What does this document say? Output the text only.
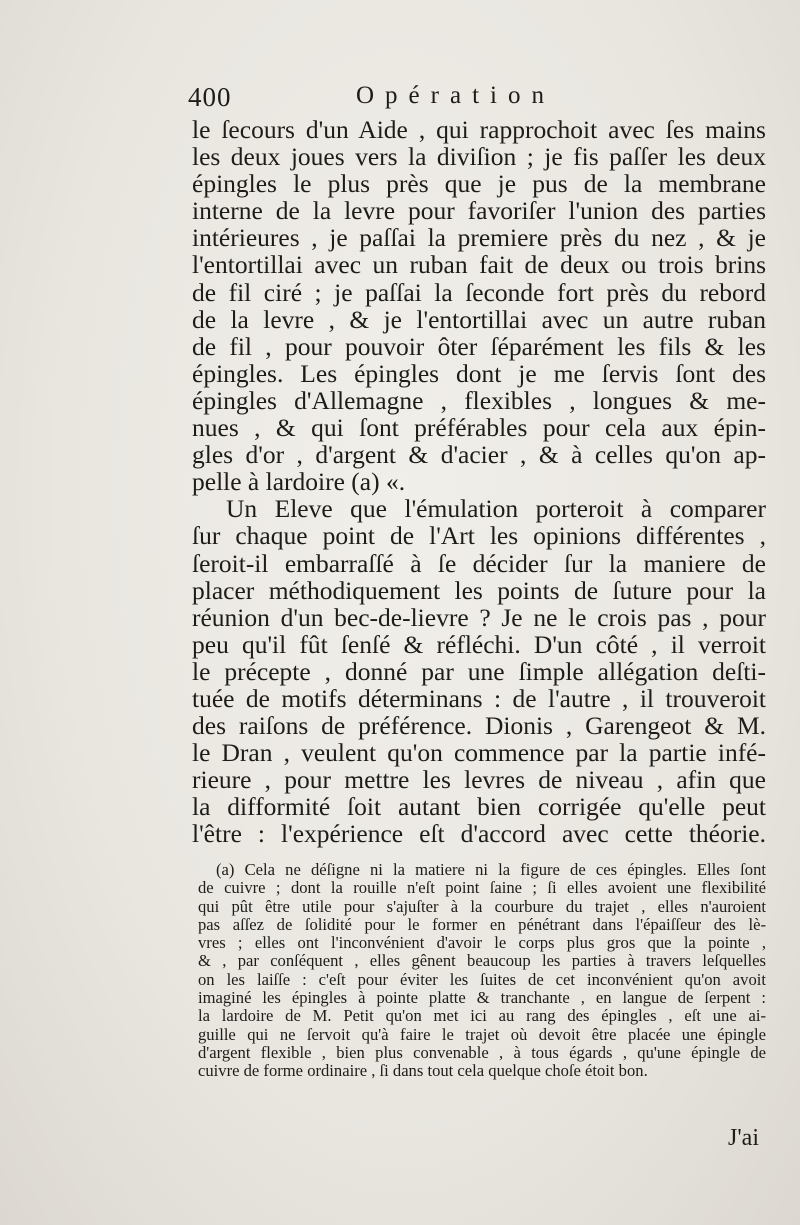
400	Opération
le ſecours d'un Aide , qui rapprochoit avec ſes mains
les deux joues vers la diviſion ; je fis paſſer les deux
épingles le plus près que je pus de la membrane
interne de la levre pour favoriſer l'union des parties
intérieures , je paſſai la premiere près du nez , & je
l'entortillai avec un ruban fait de deux ou trois brins
de fil ciré ; je paſſai la ſeconde fort près du rebord
de la levre , & je l'entortillai avec un autre ruban
de fil , pour pouvoir ôter ſéparément les fils & les
épingles. Les épingles dont je me ſervis ſont des
épingles d'Allemagne , flexibles , longues & me-
nues , & qui ſont préférables pour cela aux épin-
gles d'or , d'argent & d'acier , & à celles qu'on ap-
pelle à lardoire (a) «.
Un Eleve que l'émulation porteroit à comparer
ſur chaque point de l'Art les opinions différentes ,
ſeroit-il embarraſſé à ſe décider ſur la maniere de
placer méthodiquement les points de ſuture pour la
réunion d'un bec-de-lievre ? Je ne le crois pas , pour
peu qu'il fût ſenſé & réfléchi. D'un côté , il verroit
le précepte , donné par une ſimple allégation deſti-
tuée de motifs déterminans : de l'autre , il trouveroit
des raiſons de préférence. Dionis , Garengeot & M.
le Dran , veulent qu'on commence par la partie infé-
rieure , pour mettre les levres de niveau , afin que
la difformité ſoit autant bien corrigée qu'elle peut
l'être : l'expérience eſt d'accord avec cette théorie.
(a) Cela ne déſigne ni la matiere ni la figure de ces épingles. Elles ſont
de cuivre ; dont la rouille n'eſt point ſaine ; ſi elles avoient une flexibilité
qui pût être utile pour s'ajuſter à la courbure du trajet , elles n'auroient
pas aſſez de ſolidité pour le former en pénétrant dans l'épaiſſeur des lè-
vres ; elles ont l'inconvénient d'avoir le corps plus gros que la pointe ,
& , par conſéquent , elles gênent beaucoup les parties à travers leſquelles
on les laiſſe : c'eſt pour éviter les ſuites de cet inconvénient qu'on avoit
imaginé les épingles à pointe platte & tranchante , en langue de ſerpent :
la lardoire de M. Petit qu'on met ici au rang des épingles , eſt une ai-
guille qui ne ſervoit qu'à faire le trajet où devoit être placée une épingle
d'argent flexible , bien plus convenable , à tous égards , qu'une épingle de
cuivre de forme ordinaire , ſi dans tout cela quelque choſe étoit bon.
J'ai
